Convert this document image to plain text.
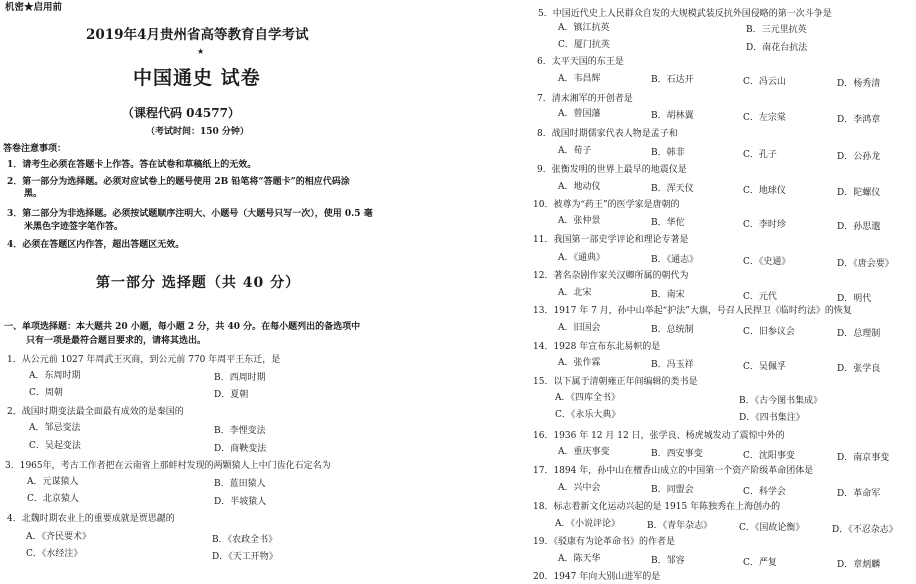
机密★启用前
2019年4月贵州省高等教育自学考试
★
中国通史 试卷
（课程代码 04577）
（考试时间：150 分钟）
答卷注意事项：
1．请考生必须在答题卡上作答。答在试卷和草稿纸上的无效。
2．第一部分为选择题。必须对应试卷上的题号使用 2B 铅笔将“答题卡”的相应代码涂
黑。
3．第二部分为非选择题。必须按试题顺序注明大、小题号（大题号只写一次），使用 0.5 毫
米黑色字迹签字笔作答。
4．必须在答题区内作答，超出答题区无效。
第一部分 选择题（共 40 分）
一、单项选择题：本大题共 20 小题，每小题 2 分，共 40 分。在每小题列出的备选项中
只有一项是最符合题目要求的，请将其选出。
1．从公元前 1027 年周武王灭商，到公元前 770 年周平王东迁，是
A．东周时期	B．西周时期
C．周朝	D．夏朝
2．战国时期变法最全面最有成效的是秦国的
A．邹忌变法	B．李悝变法
C．吴起变法	D．商鞅变法
3．1965年，考古工作者把在云南省上那蚌村发现的两颗猿人上中门齿化石定名为
A．元谋猿人	B．蓝田猿人
C．北京猿人	D．半坡猿人
4．北魏时期农业上的重要成就是贾思勰的
A．《齐民要术》	B．《农政全书》
C．《水经注》	D．《天工开物》
5．中国近代史上人民群众自发的大规模武装反抗外国侵略的第一次斗争是
A．镇江抗英	B．三元里抗英
C．厦门抗英	D．南花台抗法
6．太平天国的东王是
A．韦昌辉	B．石达开	C．冯云山	D．杨秀清
7．清末湘军的开创者是
A．曾国藩	B．胡林翼	C．左宗棠	D．李鸿章
8．战国时期儒家代表人物是孟子和
A．荀子	B．韩非	C．孔子	D．公孙龙
9．张衡发明的世界上最早的地震仪是
A．地动仪	B．浑天仪	C．地球仪	D．陀螺仪
10．被尊为“药王”的医学家是唐朝的
A．张仲景	B．华佗	C．李时珍	D．孙思邈
11．我国第一部史学评论和理论专著是
A．《通典》	B．《通志》	C．《史通》	D．《唐会要》
12．著名杂剧作家关汉卿所属的朝代为
A．北宋	B．南宋	C．元代	D．明代
13．1917 年 7 月，孙中山举起“护法”大旗，号召人民捍卫《临时约法》的恢复
A．旧国会	B．总统制	C．旧参议会	D．总理制
14．1928 年宣布东北易帜的是
A．张作霖	B．冯玉祥	C．吴佩孚	D．张学良
15．以下属于清朝雍正年间编辑的类书是
A．《四库全书》	B．《古今图书集成》
C．《永乐大典》	D．《四书集注》
16．1936 年 12 月 12 日，张学良、杨虎城发动了震惊中外的
A．重庆事变	B．西安事变	C．沈阳事变	D．南京事变
17．1894 年，孙中山在檀香山成立的中国第一个资产阶级革命团体是
A．兴中会	B．同盟会	C．科学会	D．革命军
18．标志着新文化运动兴起的是 1915 年陈独秀在上海创办的
A．《小说评论》	B．《青年杂志》	C．《国故论衡》	D．《不忍杂志》
19．《驳康有为论革命书》的作者是
A．陈天华	B．邹容	C．严复	D．章炳麟
20．1947 年向大别山进军的是
